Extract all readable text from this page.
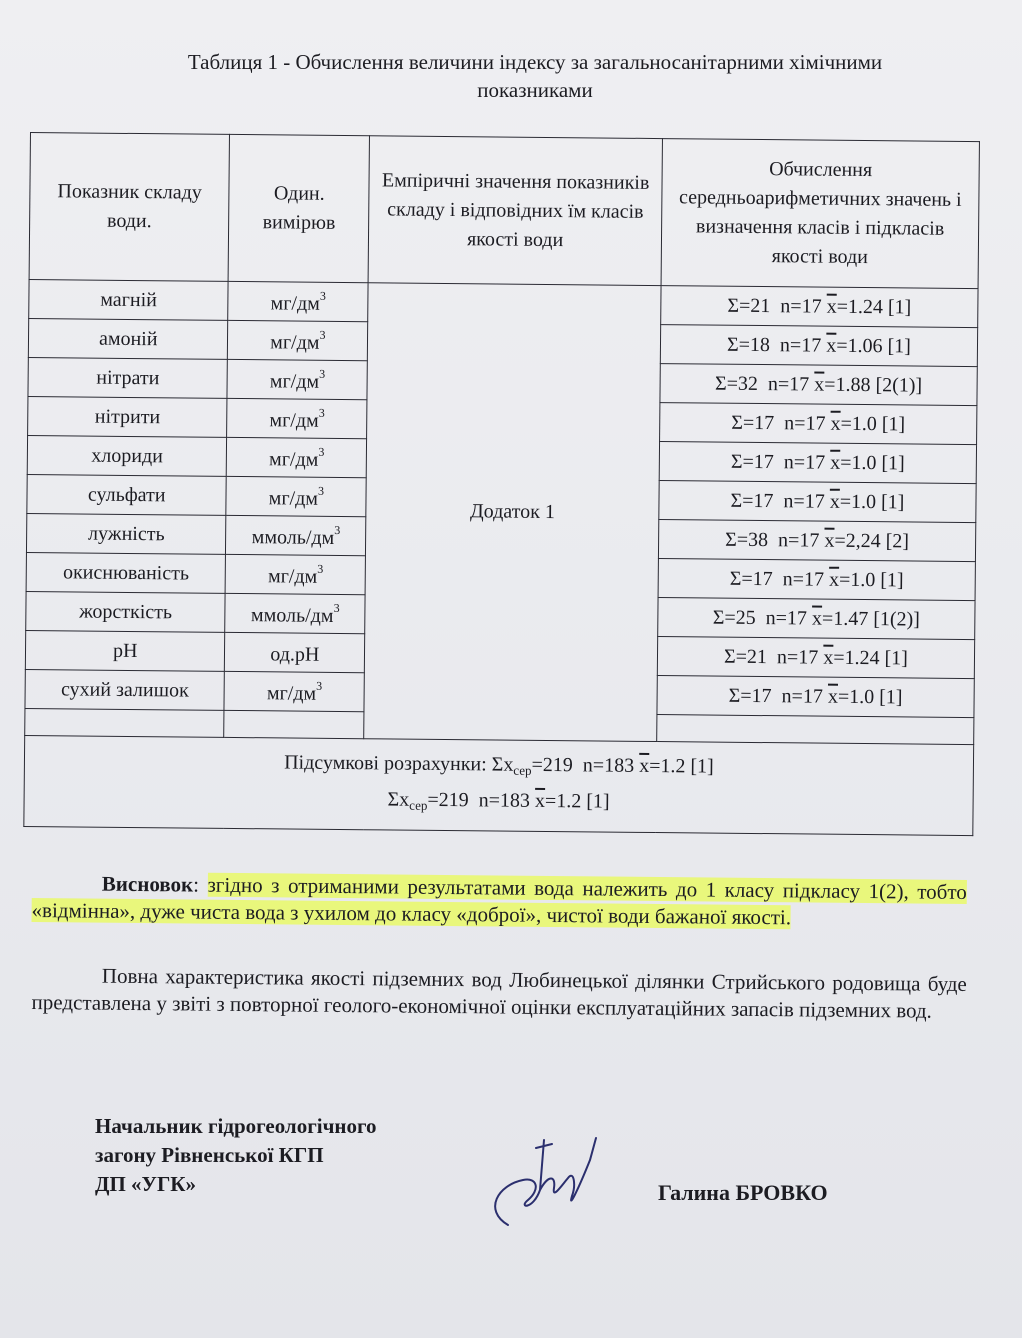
Таблиця 1 - Обчислення величини індексу за загальносанітарними хімічними
показниками
Показник складу води.	Один. вимірюв	Емпіричні значення показників складу і відповідних їм класів якості води	Обчислення середньоарифметичних значень і визначення класів і підкласів якості води
магній	$мг/дм^3$	Додаток 1	Σ=21 n=17 $\overline{x}=1.24$ [1]
амоній	$мг/дм^3$		Σ=18 n=17 $\overline{x}=1.06$ [1]
нітрати	$мг/дм^3$		Σ=32 n=17 $\overline{x}=1.88$ [2(1)]
нітрити	$мг/дм^3$		Σ=17 n=17 $\overline{x}=1.0$ [1]
хлориди	$мг/дм^3$		Σ=17 n=17 $\overline{x}=1.0$ [1]
сульфати	$мг/дм^3$		Σ=17 n=17 $\overline{x}=1.0$ [1]
лужність	ммоль/$дм^3$		Σ=38 n=17 $\overline{x}=2,24$ [2]
окиснюваність	$мг/дм^3$		Σ=17 n=17 $\overline{x}=1.0$ [1]
жорсткість	ммоль/$дм^3$		Σ=25 n=17 $\overline{x}=1.47$ [1(2)]
pH	од.pH		Σ=21 n=17 $\overline{x}=1.24$ [1]
сухий залишок	$мг/дм^3$		Σ=17 n=17 $\overline{x}=1.0$ [1]

Підсумкові розрахунки: $\Sigma x_{сер}=219$ n=183 $\overline{x}=1.2$ [1]
$\Sigma x_{сер}=219$ n=183 $\overline{x}=1.2$ [1]			
Висновок: згідно з отриманими результатами вода належить до 1 класу підкласу 1(2), тобто «відмінна», дуже чиста вода з ухилом до класу «доброї», чистої води бажаної якості.
Повна характеристика якості підземних вод Любинецької ділянки Стрийського родовища буде представлена у звіті з повторної геолого-економічної оцінки експлуатаційних запасів підземних вод.
Начальник гідрогеологічного
загону Рівненської КГП
ДП «УГК»	Галина БРОВКО
